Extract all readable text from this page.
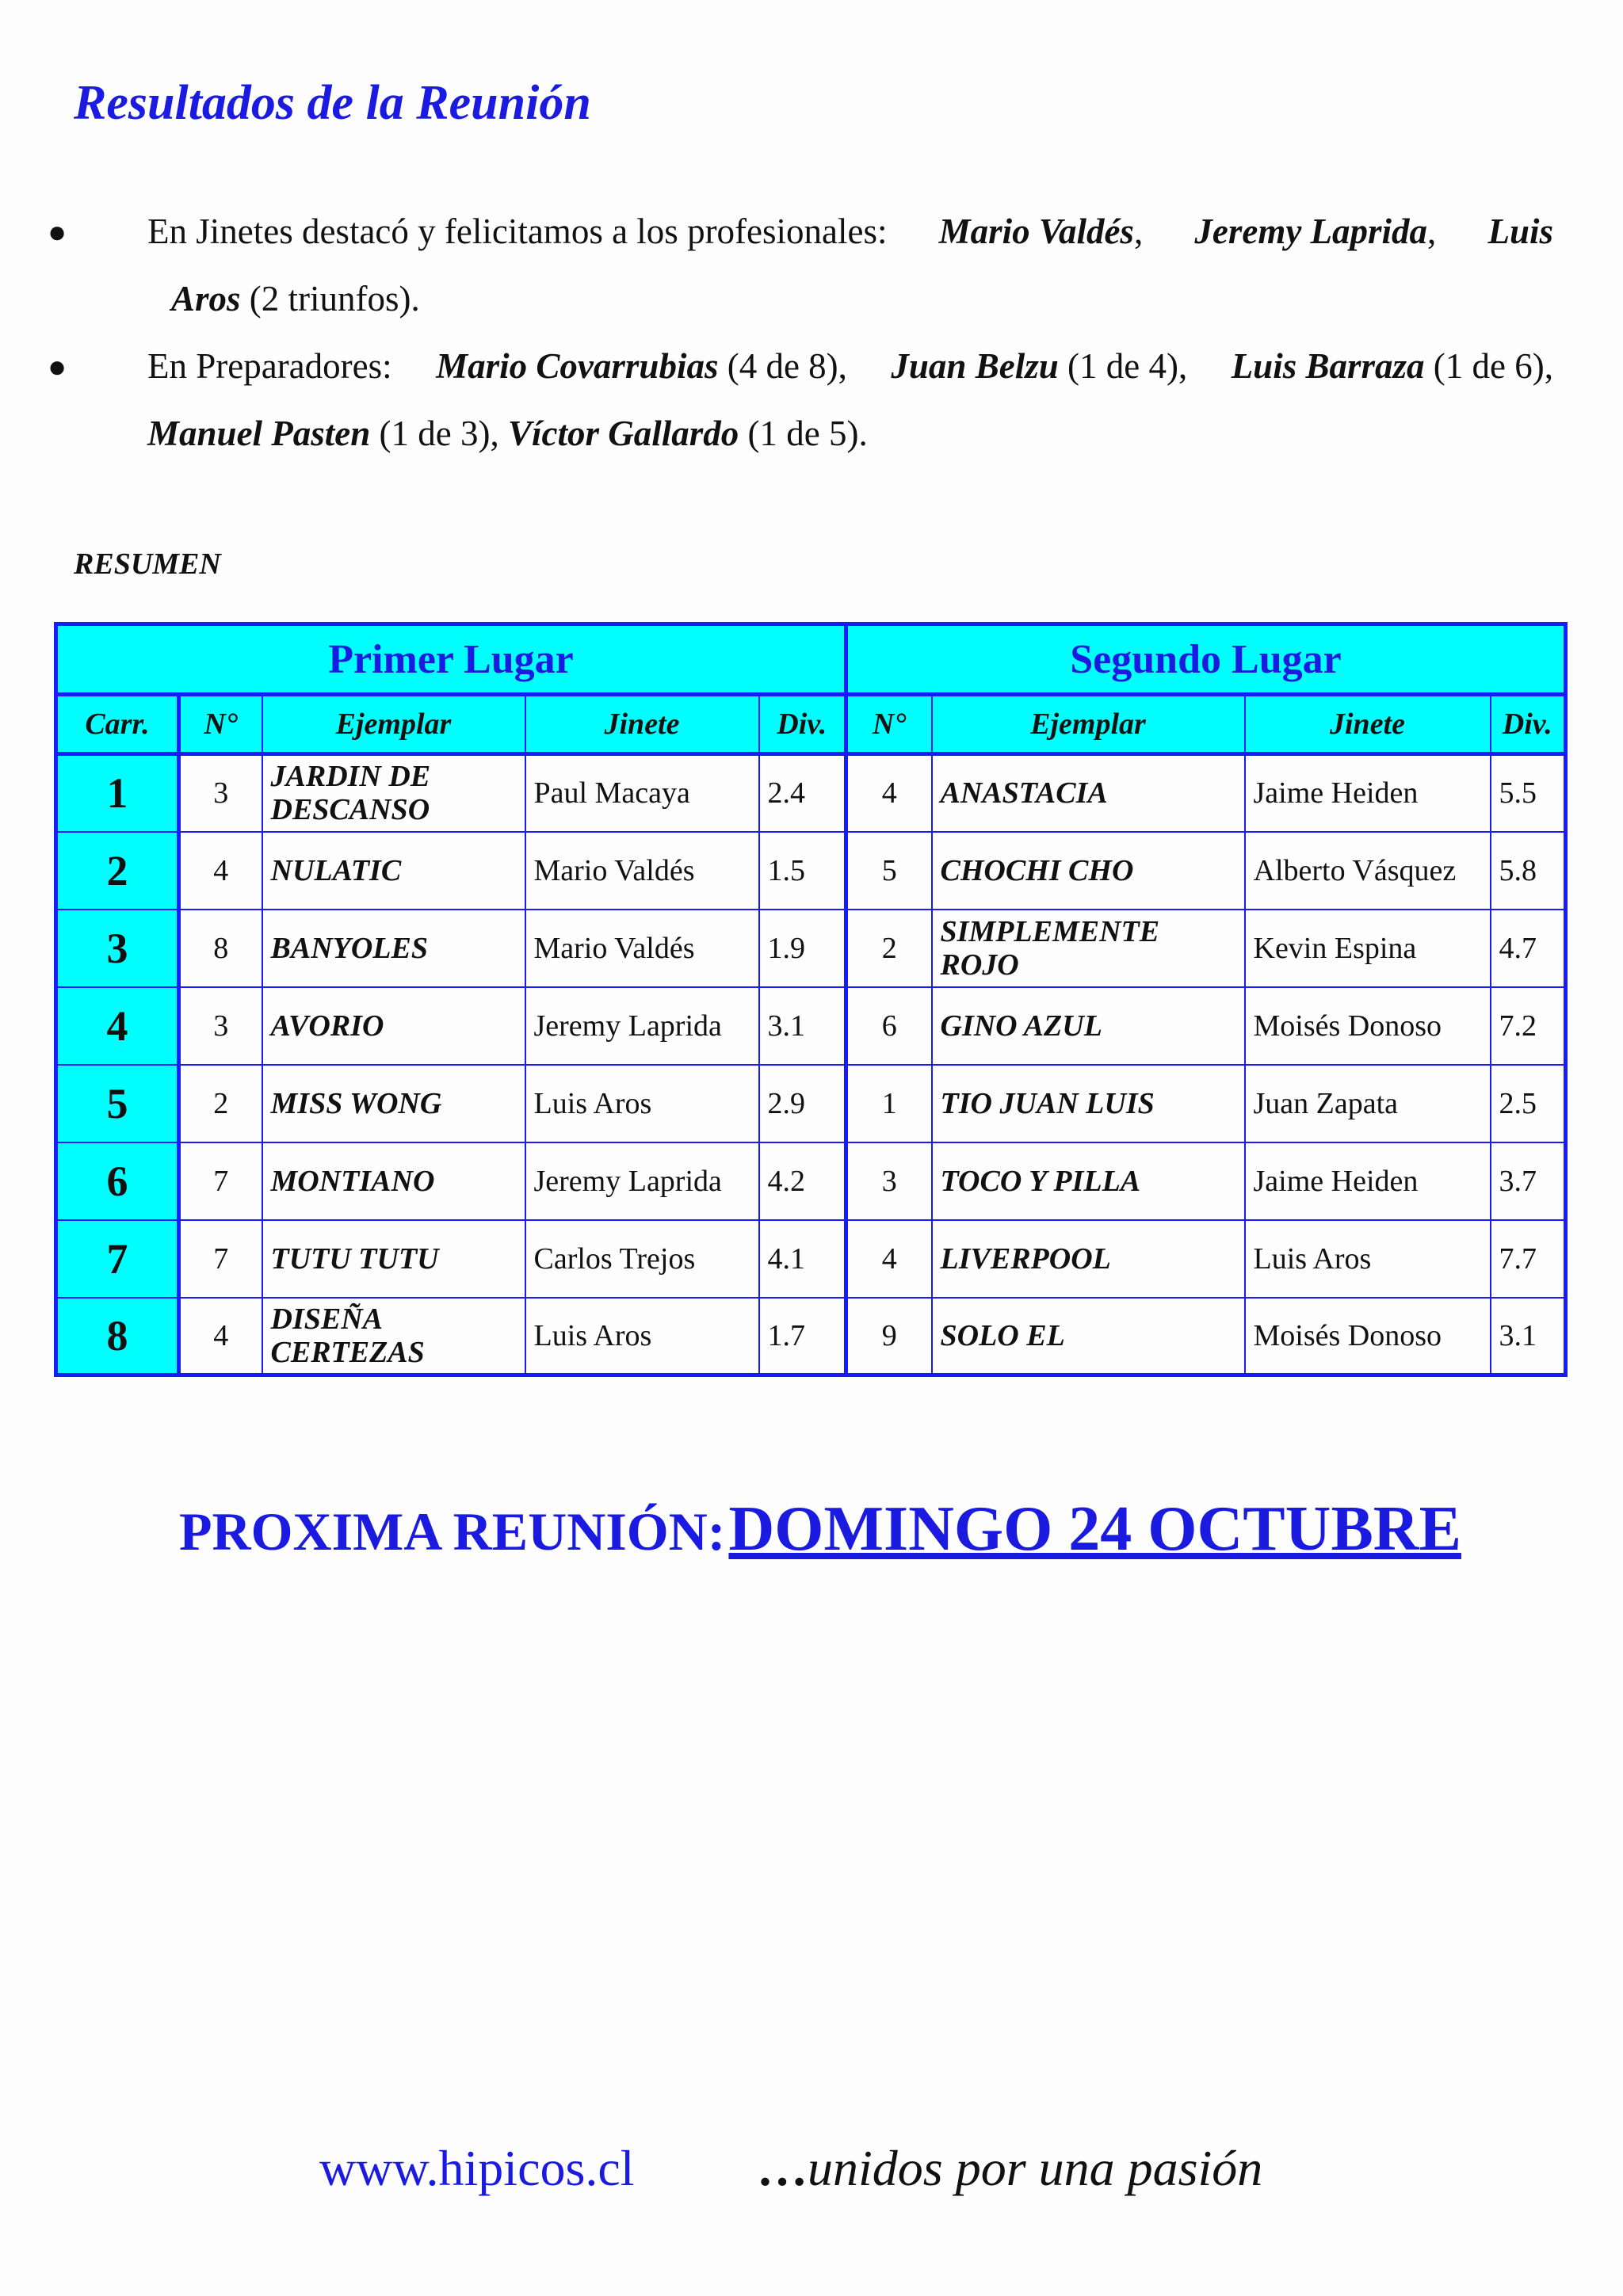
Resultados de la Reunión
● En Jinetes destacó y felicitamos a los profesionales: Mario Valdés, Jeremy Laprida, Luis
Aros (2 triunfos).
● En Preparadores: Mario Covarrubias (4 de 8), Juan Belzu (1 de 4), Luis Barraza (1 de 6),
Manuel Pasten (1 de 3), Víctor Gallardo (1 de 5).

RESUMEN

Primer Lugar					Segundo Lugar			
Carr.	N°	Ejemplar	Jinete	Div.	N°	Ejemplar	Jinete	Div.
1	3	JARDIN DE DESCANSO	Paul Macaya	2.4	4	ANASTACIA	Jaime Heiden	5.5
2	4	NULATIC	Mario Valdés	1.5	5	CHOCHI CHO	Alberto Vásquez	5.8
3	8	BANYOLES	Mario Valdés	1.9	2	SIMPLEMENTE ROJO	Kevin Espina	4.7
4	3	AVORIO	Jeremy Laprida	3.1	6	GINO AZUL	Moisés Donoso	7.2
5	2	MISS WONG	Luis Aros	2.9	1	TIO JUAN LUIS	Juan Zapata	2.5
6	7	MONTIANO	Jeremy Laprida	4.2	3	TOCO Y PILLA	Jaime Heiden	3.7
7	7	TUTU TUTU	Carlos Trejos	4.1	4	LIVERPOOL	Luis Aros	7.7
8	4	DISEÑA CERTEZAS	Luis Aros	1.7	9	SOLO EL	Moisés Donoso	3.1

PROXIMA REUNIÓN: DOMINGO 24 OCTUBRE

www.hipicos.cl …unidos por una pasión
